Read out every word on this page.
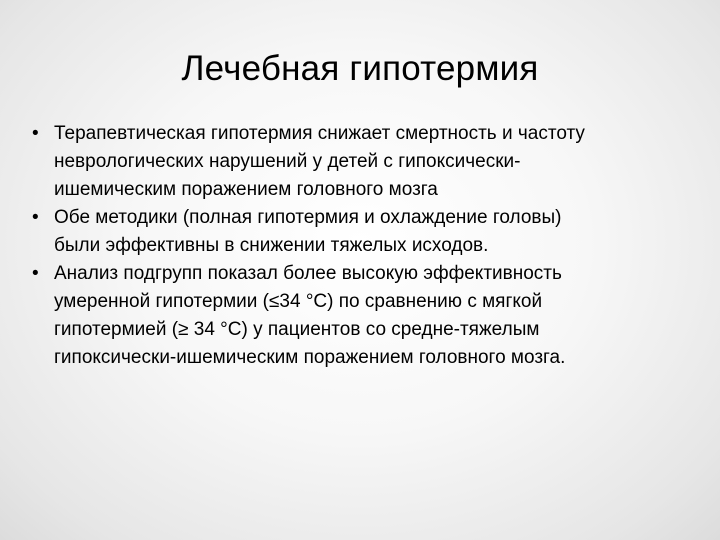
Лечебная гипотермия
• Терапевтическая гипотермия снижает смертность и частоту
неврологических нарушений у детей с гипоксически-
ишемическим поражением головного мозга
• Обе методики (полная гипотермия и охлаждение головы)
были эффективны в снижении тяжелых исходов.
• Анализ подгрупп показал более высокую эффективность
умеренной гипотермии (≤34 °С) по сравнению с мягкой
гипотермией (≥ 34 °С) у пациентов со средне-тяжелым
гипоксически-ишемическим поражением головного мозга.
